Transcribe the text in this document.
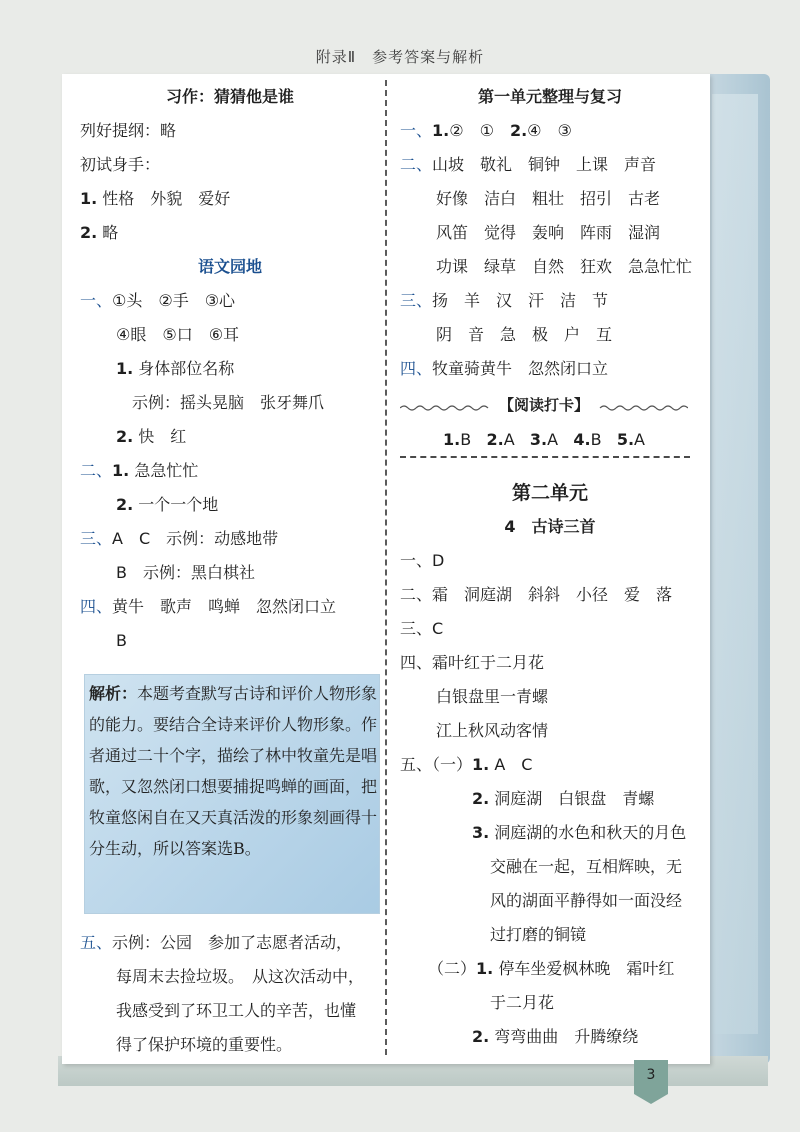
附录Ⅱ　参考答案与解析
习作：猜猜他是谁
列好提纲：略
初试身手：
1. 性格　外貌　爱好
2. 略
语文园地
一、①头　②手　③心
④眼　⑤口　⑥耳
1. 身体部位名称
示例：摇头晃脑　张牙舞爪
2. 快　红
二、1. 急急忙忙
2. 一个一个地
三、A　C　示例：动感地带
B　示例：黑白棋社
四、黄牛　歌声　鸣蝉　忽然闭口立
B
解析：本题考查默写古诗和评价人物形象的能力。要结合全诗来评价人物形象。作者通过二十个字，描绘了林中牧童先是唱歌，又忽然闭口想要捕捉鸣蝉的画面，把牧童悠闲自在又天真活泼的形象刻画得十分生动，所以答案选B。
五、示例：公园　参加了志愿者活动，
每周末去捡垃圾。　从这次活动中，
我感受到了环卫工人的辛苦，也懂
得了保护环境的重要性。
第一单元整理与复习
一、1.②　①　2.④　③
二、山坡　敬礼　铜钟　上课　声音
好像　洁白　粗壮　招引　古老
风笛　觉得　轰响　阵雨　湿润
功课　绿草　自然　狂欢　急急忙忙
三、扬　羊　汉　汗　洁　节
阴　音　急　极　户　互
四、牧童骑黄牛　忽然闭口立
【阅读打卡】
1.B 2.A 3.A 4.B 5.A
第二单元
4　古诗三首
一、D
二、霜　洞庭湖　斜斜　小径　爱　落
三、C
四、霜叶红于二月花
白银盘里一青螺
江上秋风动客情
五、（一）1. A　C
2. 洞庭湖　白银盘　青螺
3. 洞庭湖的水色和秋天的月色
交融在一起，互相辉映，无
风的湖面平静得如一面没经
过打磨的铜镜
（二）1. 停车坐爱枫林晚　霜叶红
于二月花
2. 弯弯曲曲　升腾缭绕
3
